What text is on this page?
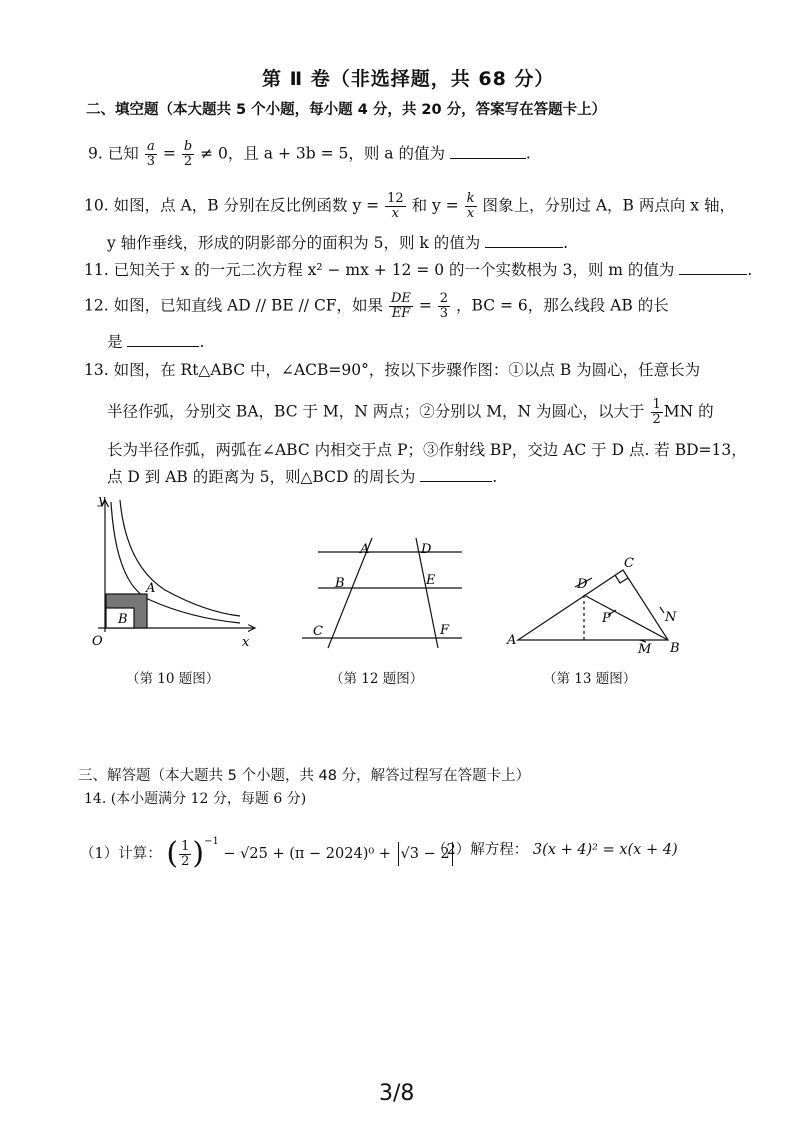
第 Ⅱ 卷（非选择题，共 68 分）
二、填空题（本大题共 5 个小题，每小题 4 分，共 20 分，答案写在答题卡上）
9. 已知 $\frac{a}{3} = \frac{b}{2} \ne 0$，且 a + 3b = 5，则 a 的值为	.
10. 如图，点 A，B 分别在反比例函数 $y = \frac{12}{x}$ 和 $y = \frac{k}{x}$ 图象上，分别过 A，B 两点向 x 轴，
y 轴作垂线，形成的阴影部分的面积为 5，则 k 的值为	.
11. 已知关于 x 的一元二次方程 x² − mx + 12 = 0 的一个实数根为 3，则 m 的值为	.
12. 如图，已知直线 AD // BE // CF，如果 $\frac{DE}{EF} = \frac{2}{3}$ ，BC = 6，那么线段 AB 的长
是	.
13. 如图，在 Rt△ABC 中，∠ACB=90°，按以下步骤作图：①以点 B 为圆心，任意长为
半径作弧，分别交 BA，BC 于 M，N 两点；②分别以 M，N 为圆心，以大于 $\frac{1}{2}$ MN 的
长为半径作弧，两弧在∠ABC 内相交于点 P；③作射线 BP，交边 AC 于 D 点. 若 BD=13，
点 D 到 AB 的距离为 5，则△BCD 的周长为	.
y
x
O
A
B
A
B
C
D
E
F
A
B
C
D
P	N
M
（第 10 题图）	（第 12 题图）	（第 13 题图）
三、解答题（本大题共 5 个小题，共 48 分，解答过程写在答题卡上）
14. (本小题满分 12 分，每题 6 分)
（1）计算： ( $\frac{1}{2} )^{-1} - √25 + (\pi - 2024)^0 + √3 - 2$
（2）解方程： 3(x + 4)² = x(x + 4)
3/8
